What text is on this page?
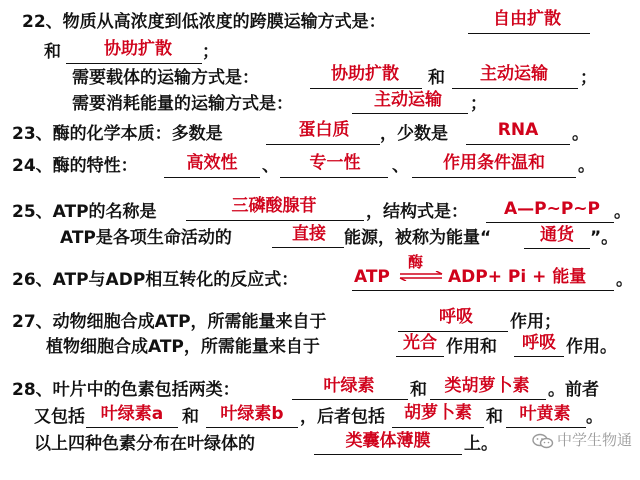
22、物质从高浓度到低浓度的跨膜运输方式是：	自由扩散
和	协助扩散	；
需要载体的运输方式是：	协助扩散	和	主动运输	；
需要消耗能量的运输方式是：	主动运输	；
23、酶的化学本质：多数是	蛋白质	，少数是	RNA	。
24、酶的特性：	高效性	、	专一性	、	作用条件温和	。
25、ATP的名称是	三磷酸腺苷	，结构式是：	A—P~P~P 。
ATP是各项生命活动的	直接	能源，被称为能量“	通货 ”。
26、ATP与ADP相互转化的反应式：	ATP
酶
⇌ ADP+ Pi + 能量 。
27、动物细胞合成ATP，所需能量来自于	呼吸	作用；
植物细胞合成ATP，所需能量来自于	光合 作用和	呼吸 作用。
28、叶片中的色素包括两类：	叶绿素	和	类胡萝卜素	。前者
又包括 叶绿素a	和	叶绿素b ，后者包括	胡萝卜素 和 叶黄素 。
以上四种色素分布在叶绿体的	类囊体薄膜	上。	中学生物通
